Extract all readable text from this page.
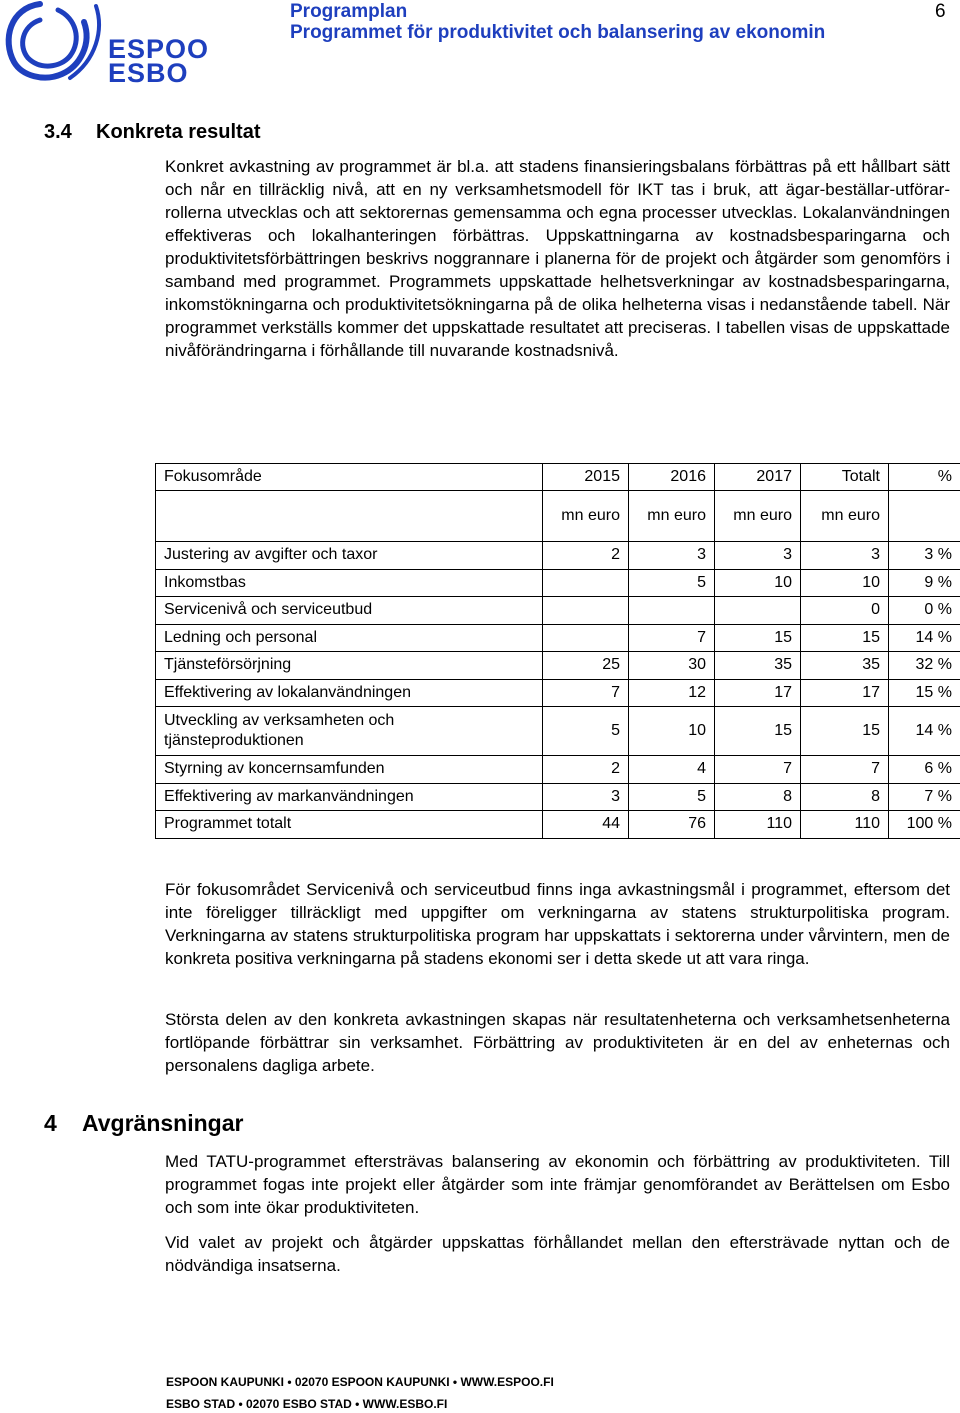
ESPOO
ESBO
Programplan
Programmet för produktivitet och balansering av ekonomin
6
3.4 Konkreta resultat

Konkret avkastning av programmet är bl.a. att stadens finansieringsbalans förbättras på ett hållbart sätt och når en tillräcklig nivå, att en ny verksamhetsmodell för IKT tas i bruk, att ägar-beställar-utförar-rollerna utvecklas och att sektorernas gemensamma och egna processer utvecklas. Lokalanvändningen effektiveras och lokalhanteringen förbättras. Uppskattningarna av kostnadsbesparingarna och produktivitetsförbättringen beskrivs noggrannare i planerna för de projekt och åtgärder som genomförs i samband med programmet. Programmets uppskattade helhetsverkningar av kostnadsbesparingarna, inkomstökningarna och produktivitetsökningarna på de olika helheterna visas i nedanstående tabell. När programmet verkställs kommer det uppskattade resultatet att preciseras. I tabellen visas de uppskattade nivåförändringarna i förhållande till nuvarande kostnadsnivå.

Fokusområde	2015	2016	2017	Totalt	%
	mn euro	mn euro	mn euro	mn euro	
Justering av avgifter och taxor	2	3	3	3	3 %
Inkomstbas		5	10	10	9 %
Servicenivå och serviceutbud				0	0 %
Ledning och personal		7	15	15	14 %
Tjänsteförsörjning	25	30	35	35	32 %
Effektivering av lokalanvändningen	7	12	17	17	15 %
Utveckling av verksamheten och tjänsteproduktionen	5	10	15	15	14 %
Styrning av koncernsamfunden	2	4	7	7	6 %
Effektivering av markanvändningen	3	5	8	8	7 %
Programmet totalt	44	76	110	110	100 %

För fokusområdet Servicenivå och serviceutbud finns inga avkastningsmål i programmet, eftersom det inte föreligger tillräckligt med uppgifter om verkningarna av statens strukturpolitiska program. Verkningarna av statens strukturpolitiska program har uppskattats i sektorerna under vårvintern, men de konkreta positiva verkningarna på stadens ekonomi ser i detta skede ut att vara ringa.

Största delen av den konkreta avkastningen skapas när resultatenheterna och verksamhetsenheterna fortlöpande förbättrar sin verksamhet. Förbättring av produktiviteten är en del av enheternas och personalens dagliga arbete.

4 Avgränsningar

Med TATU-programmet eftersträvas balansering av ekonomin och förbättring av produktiviteten. Till programmet fogas inte projekt eller åtgärder som inte främjar genomförandet av Berättelsen om Esbo och som inte ökar produktiviteten.

Vid valet av projekt och åtgärder uppskattas förhållandet mellan den eftersträvade nyttan och de nödvändiga insatserna.

ESPOON KAUPUNKI • 02070 ESPOON KAUPUNKI • WWW.ESPOO.FI
ESBO STAD • 02070 ESBO STAD • WWW.ESBO.FI
